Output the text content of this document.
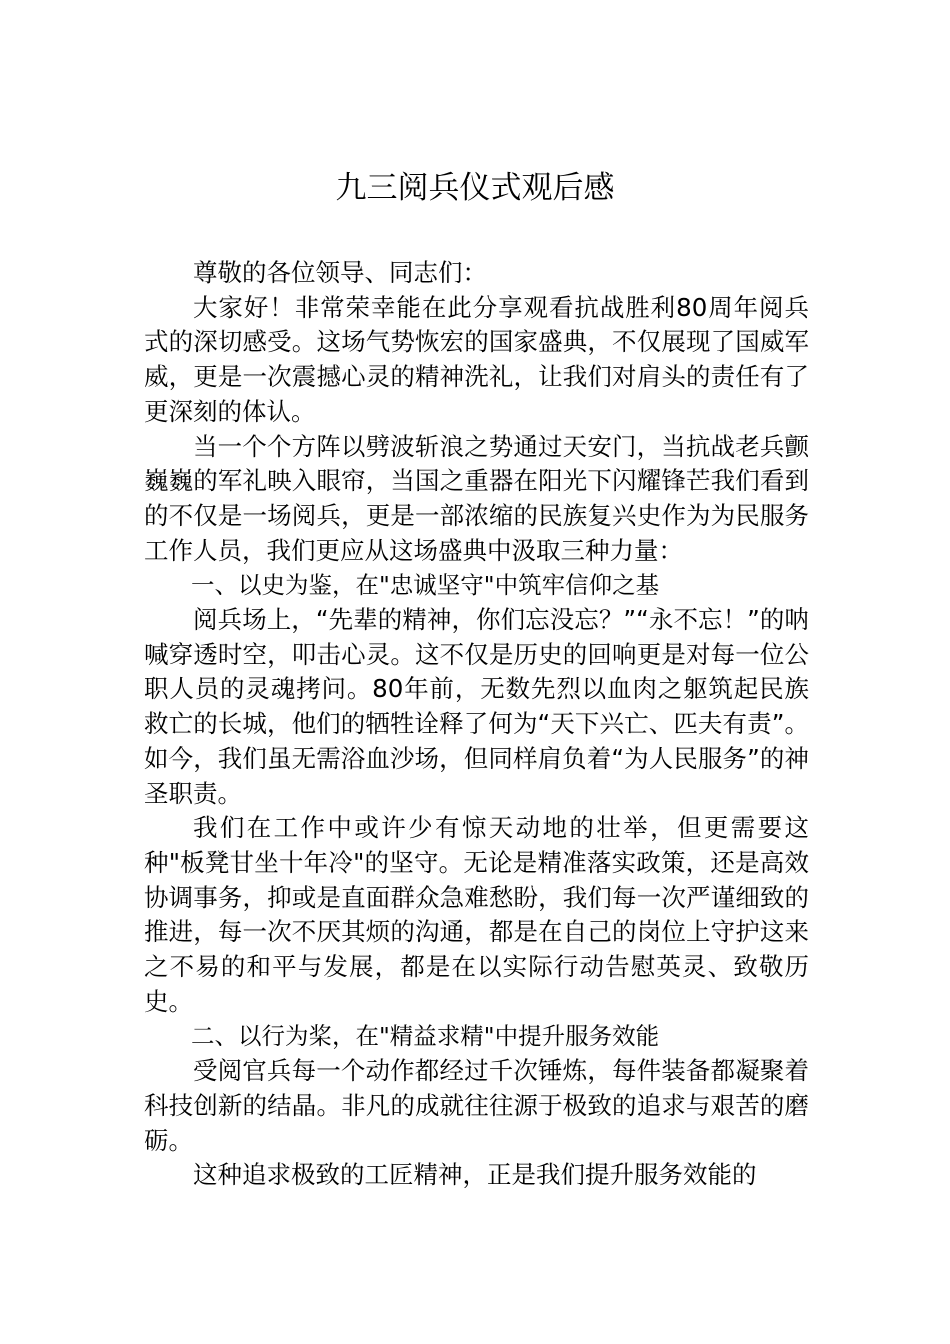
九三阅兵仪式观后感

尊敬的各位领导、同志们：

大家好！非常荣幸能在此分享观看抗战胜利80周年阅兵式的深切感受。这场气势恢宏的国家盛典，不仅展现了国威军威，更是一次震撼心灵的精神洗礼，让我们对肩头的责任有了更深刻的体认。

当一个个方阵以劈波斩浪之势通过天安门，当抗战老兵颤巍巍的军礼映入眼帘，当国之重器在阳光下闪耀锋芒我们看到的不仅是一场阅兵，更是一部浓缩的民族复兴史作为为民服务工作人员，我们更应从这场盛典中汲取三种力量：

一、以史为鉴，在"忠诚坚守"中筑牢信仰之基

阅兵场上，“先辈的精神，你们忘没忘？”“永不忘！”的呐喊穿透时空，叩击心灵。这不仅是历史的回响更是对每一位公职人员的灵魂拷问。80年前，无数先烈以血肉之躯筑起民族救亡的长城，他们的牺牲诠释了何为“天下兴亡、匹夫有责”。如今，我们虽无需浴血沙场，但同样肩负着“为人民服务”的神圣职责。

我们在工作中或许少有惊天动地的壮举，但更需要这种"板凳甘坐十年冷"的坚守。无论是精准落实政策，还是高效协调事务，抑或是直面群众急难愁盼，我们每一次严谨细致的推进，每一次不厌其烦的沟通，都是在自己的岗位上守护这来之不易的和平与发展，都是在以实际行动告慰英灵、致敬历史。

二、以行为桨，在"精益求精"中提升服务效能

受阅官兵每一个动作都经过千次锤炼，每件装备都凝聚着科技创新的结晶。非凡的成就往往源于极致的追求与艰苦的磨砺。

这种追求极致的工匠精神，正是我们提升服务效能的
